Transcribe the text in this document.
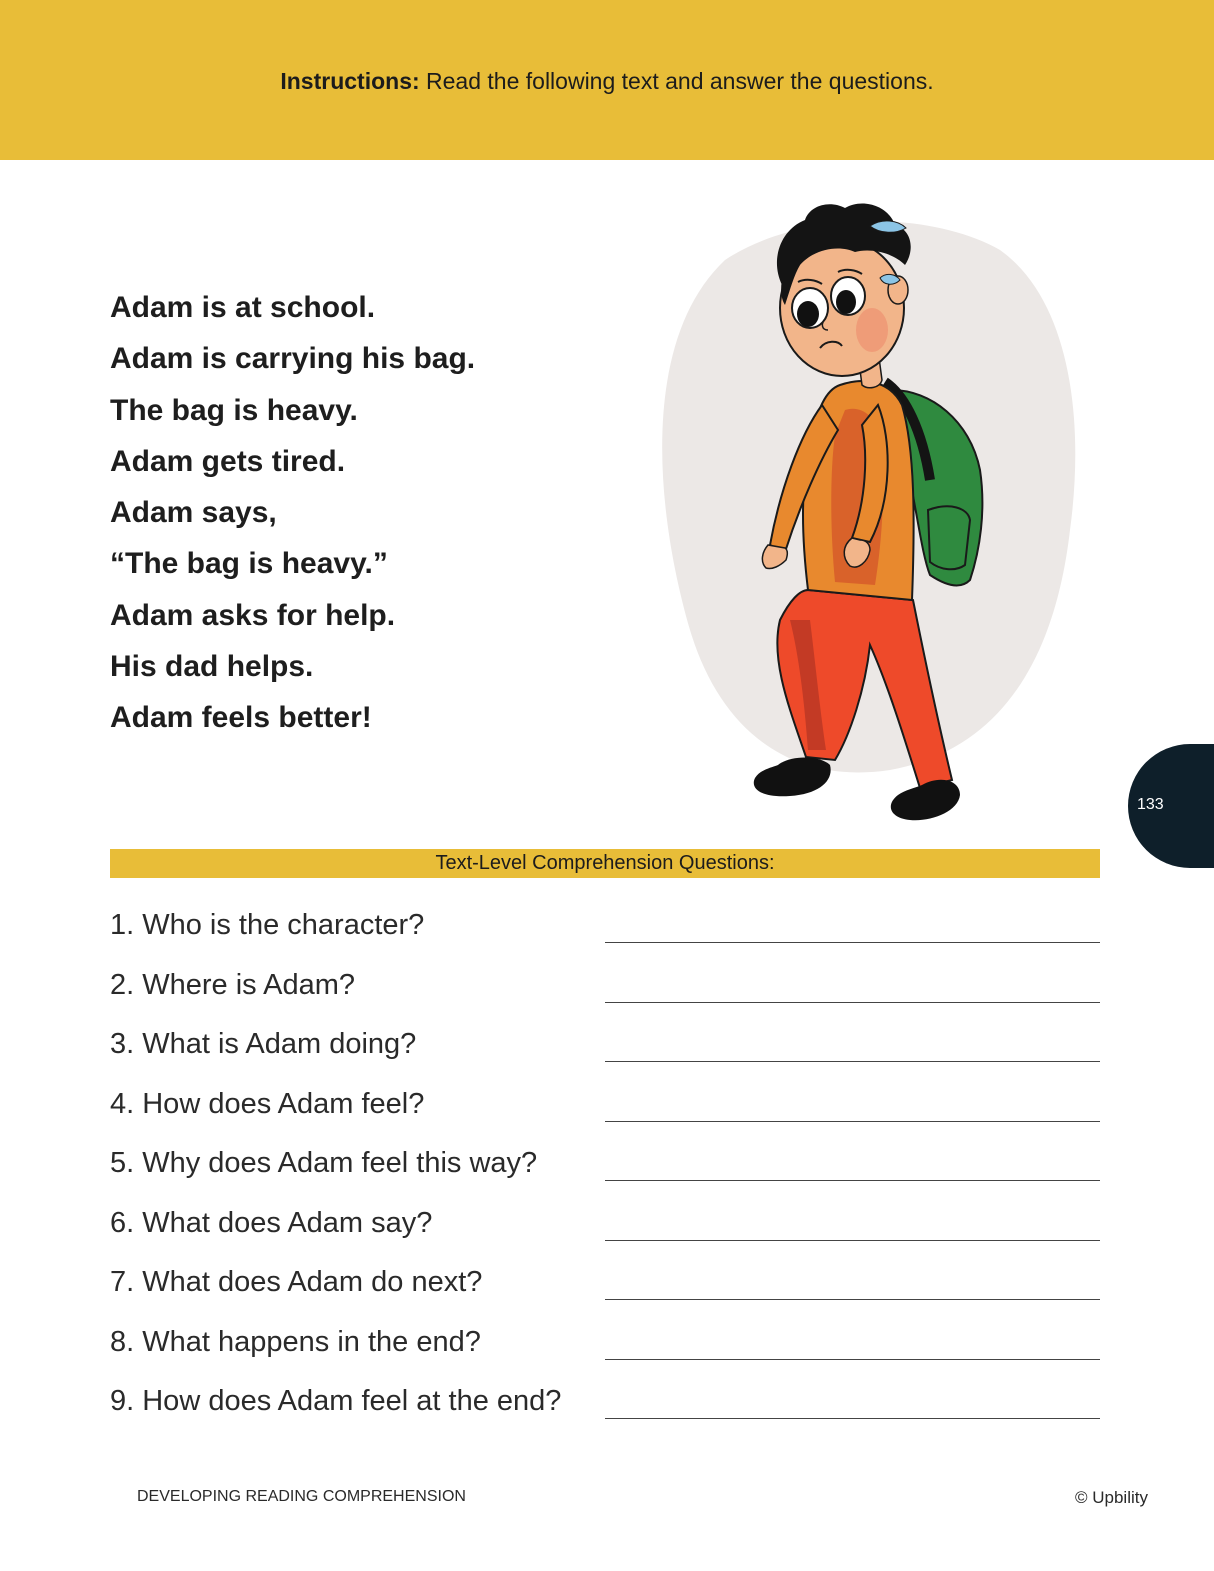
Instructions: Read the following text and answer the questions.
Adam is at school.
Adam is carrying his bag.
The bag is heavy.
Adam gets tired.
Adam says,
“The bag is heavy.”
Adam asks for help.
His dad helps.
Adam feels better!
133
Text-Level Comprehension Questions:
1. Who is the character?
2. Where is Adam?
3. What is Adam doing?
4. How does Adam feel?
5. Why does Adam feel this way?
6. What does Adam say?
7. What does Adam do next?
8. What happens in the end?
9. How does Adam feel at the end?
DEVELOPING READING COMPREHENSION	© Upbility
